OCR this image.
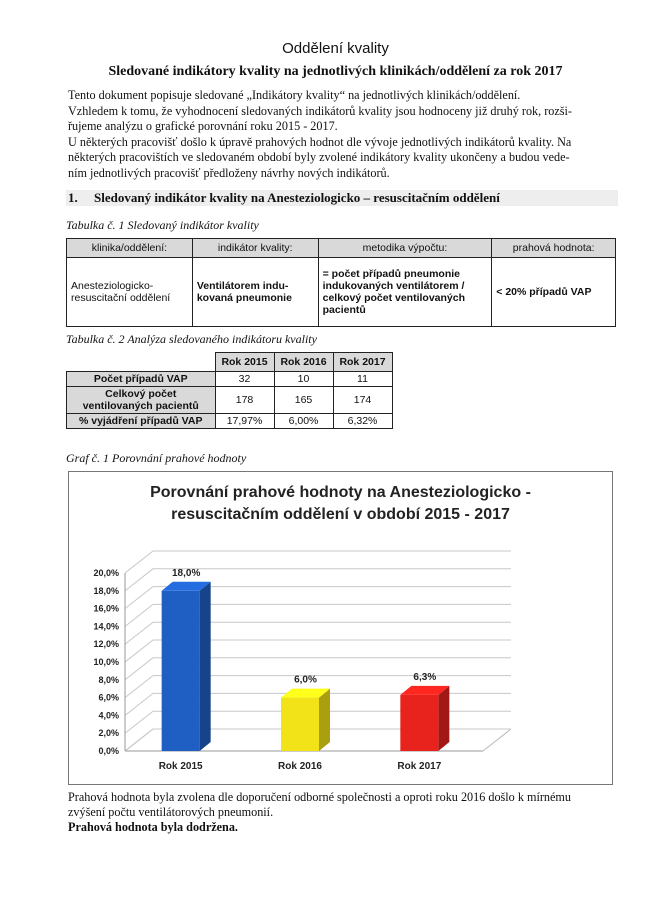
Oddělení kvality
Sledované indikátory kvality na jednotlivých klinikách/oddělení za rok 2017

Tento dokument popisuje sledované „Indikátory kvality“ na jednotlivých klinikách/oddělení.

Vzhledem k tomu, že vyhodnocení sledovaných indikátorů kvality jsou hodnoceny již druhý rok, rozši-

řujeme analýzu o grafické porovnání roku 2015 - 2017.

U některých pracovišť došlo k úpravě prahových hodnot dle vývoje jednotlivých indikátorů kvality. Na

některých pracovištích ve sledovaném období byly zvolené indikátory kvality ukončeny a budou vede-

ním jednotlivých pracovišť předloženy návrhy nových indikátorů.

1. Sledovaný indikátor kvality na Anesteziologicko – resuscitačním oddělení
Tabulka č. 1 Sledovaný indikátor kvality
klinika/oddělení:	indikátor kvality:	metodika výpočtu:	prahová hodnota:
Anesteziologicko-resuscitační oddělení	Ventilátorem indu-kovaná pneumonie	= počet případů pneumonie indukovaných ventilátorem / celkový počet ventilovaných pacientů	< 20% případů VAP
Tabulka č. 2 Analýza sledovaného indikátoru kvality
	Rok 2015	Rok 2016	Rok 2017
Počet případů VAP	32	10	11
Celkový počet ventilovaných pacientů	178	165	174
% vyjádření případů VAP	17,97%	6,00%	6,32%
Graf č. 1 Porovnání prahové hodnoty
Porovnání prahové hodnoty na Anesteziologicko -
resuscitačním oddělení v období 2015 - 2017
0,0%
2,0%
4,0%
6,0%
8,0%
10,0%
12,0%
14,0%
16,0%
18,0%
20,0%	18,0%
Rok 2015
6,0%
Rok 2016
6,3%
Rok 2017

Prahová hodnota byla zvolena dle doporučení odborné společnosti a oproti roku 2016 došlo k mírnému

zvýšení počtu ventilátorových pneumonií.

Prahová hodnota byla dodržena.
